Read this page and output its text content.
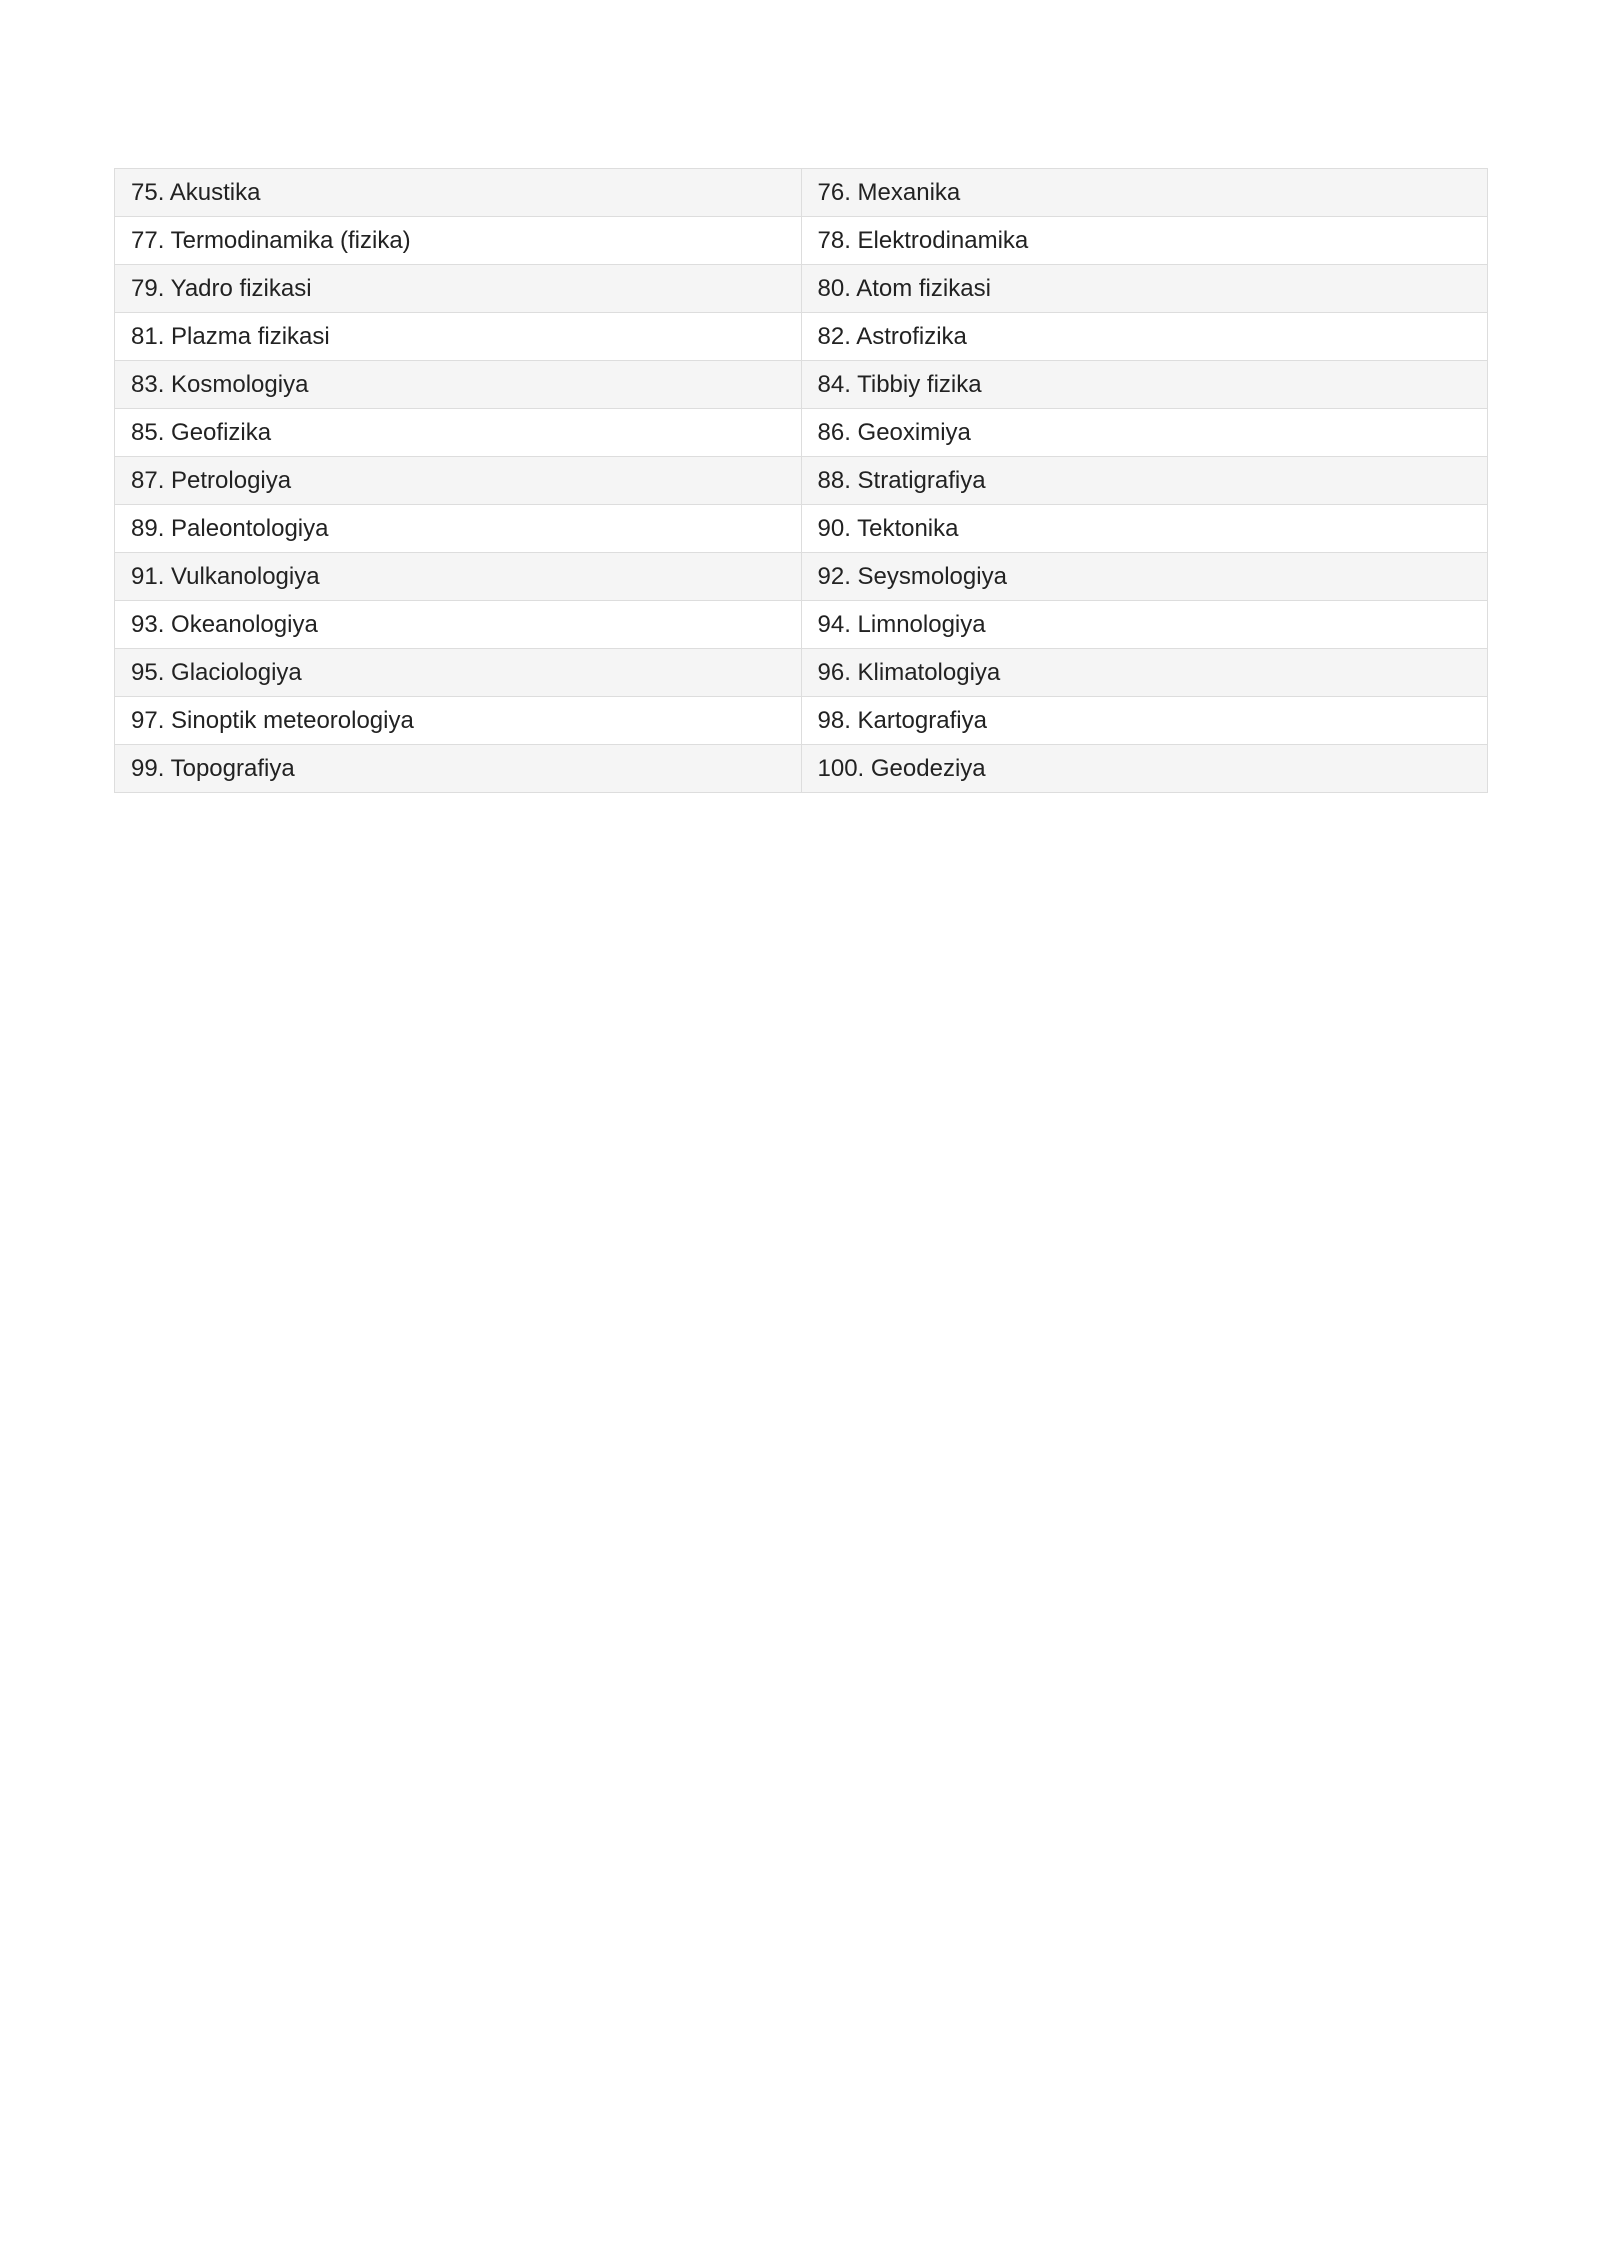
75. Akustika	76. Mexanika
77. Termodinamika (fizika)	78. Elektrodinamika
79. Yadro fizikasi	80. Atom fizikasi
81. Plazma fizikasi	82. Astrofizika
83. Kosmologiya	84. Tibbiy fizika
85. Geofizika	86. Geoximiya
87. Petrologiya	88. Stratigrafiya
89. Paleontologiya	90. Tektonika
91. Vulkanologiya	92. Seysmologiya
93. Okeanologiya	94. Limnologiya
95. Glaciologiya	96. Klimatologiya
97. Sinoptik meteorologiya	98. Kartografiya
99. Topografiya	100. Geodeziya
